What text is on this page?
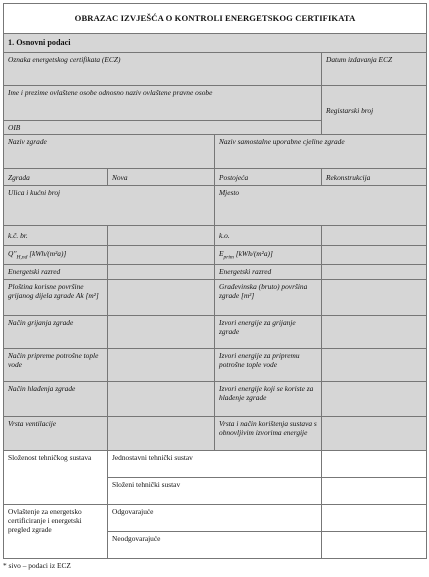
OBRAZAC IZVJEŠĆA O KONTROLI ENERGETSKOG CERTIFIKATA			
1. Osnovni podaci			
Oznaka energetskog certifikata (ECZ)			Datum izdavanja ECZ
Ime i prezime ovlaštene osobe odnosno naziv ovlaštene pravne osobe			Registarski broj
OIB			
Naziv zgrade		Naziv samostalne uporabne cjeline zgrade	
Zgrada	Nova	Postojeća	Rekonstrukcija
Ulica i kućni broj		Mjesto	
k.č. br.		k.o.	
$Q''_{H,nd}$ [kWh/(m²a)]		$E_{prim}$ [kWh/(m²a)]	
Energetski razred		Energetski razred	
Ploština korisne površine grijanog dijela zgrade Ak [m²]		Građevinska (bruto) površina zgrade [m²]	
Način grijanja zgrade		Izvori energije za grijanje zgrade	
Način pripreme potrošne tople vode		Izvori energije za pripremu potrošne tople vode	
Način hlađenja zgrade		Izvori energije koji se koriste za hlađenje zgrade	
Vrsta ventilacije		Vrsta i način korištenja sustava s obnovljivim izvorima energije	
Složenost tehničkog sustava	Jednostavni tehnički sustav		
	Složeni tehnički sustav		
Ovlaštenje za energetsko certificiranje i energetski pregled zgrade	Odgovarajuće		
	Neodgovarajuće		
* sivo – podaci iz ECZ
